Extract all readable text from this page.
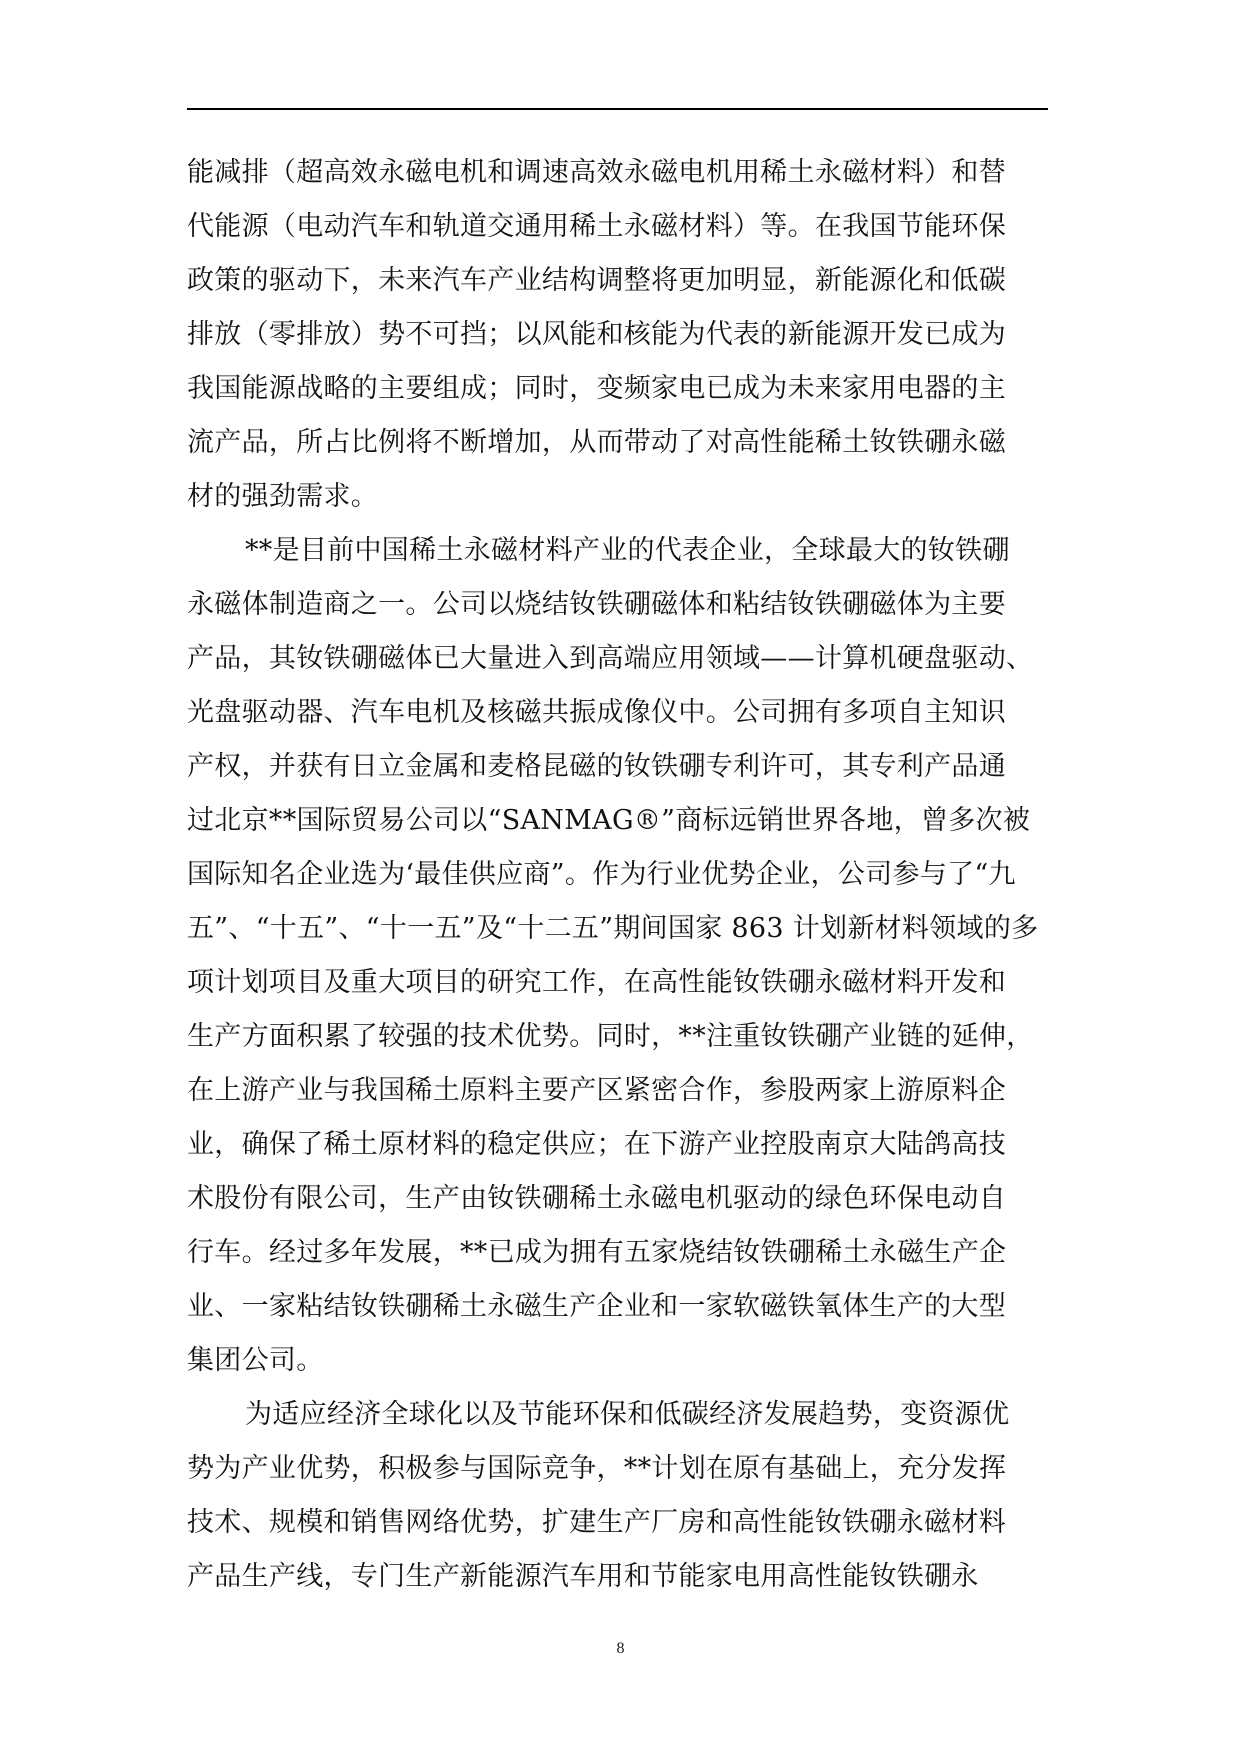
能减排（超高效永磁电机和调速高效永磁电机用稀土永磁材料）和替
代能源（电动汽车和轨道交通用稀土永磁材料）等。在我国节能环保
政策的驱动下，未来汽车产业结构调整将更加明显，新能源化和低碳
排放（零排放）势不可挡；以风能和核能为代表的新能源开发已成为
我国能源战略的主要组成；同时，变频家电已成为未来家用电器的主
流产品，所占比例将不断增加，从而带动了对高性能稀土钕铁硼永磁
材的强劲需求。
**是目前中国稀土永磁材料产业的代表企业，全球最大的钕铁硼
永磁体制造商之一。公司以烧结钕铁硼磁体和粘结钕铁硼磁体为主要
产品，其钕铁硼磁体已大量进入到高端应用领域——计算机硬盘驱动、
光盘驱动器、汽车电机及核磁共振成像仪中。公司拥有多项自主知识
产权，并获有日立金属和麦格昆磁的钕铁硼专利许可，其专利产品通
过北京**国际贸易公司以“SANMAG®”商标远销世界各地，曾多次被
国际知名企业选为‘最佳供应商”。作为行业优势企业，公司参与了“九
五”、“十五”、“十一五”及“十二五”期间国家 863 计划新材料领域的多
项计划项目及重大项目的研究工作，在高性能钕铁硼永磁材料开发和
生产方面积累了较强的技术优势。同时，**注重钕铁硼产业链的延伸，
在上游产业与我国稀土原料主要产区紧密合作，参股两家上游原料企
业，确保了稀土原材料的稳定供应；在下游产业控股南京大陆鸽高技
术股份有限公司，生产由钕铁硼稀土永磁电机驱动的绿色环保电动自
行车。经过多年发展，**已成为拥有五家烧结钕铁硼稀土永磁生产企
业、一家粘结钕铁硼稀土永磁生产企业和一家软磁铁氧体生产的大型
集团公司。
为适应经济全球化以及节能环保和低碳经济发展趋势，变资源优
势为产业优势，积极参与国际竞争，**计划在原有基础上，充分发挥
技术、规模和销售网络优势，扩建生产厂房和高性能钕铁硼永磁材料
产品生产线，专门生产新能源汽车用和节能家电用高性能钕铁硼永
8
